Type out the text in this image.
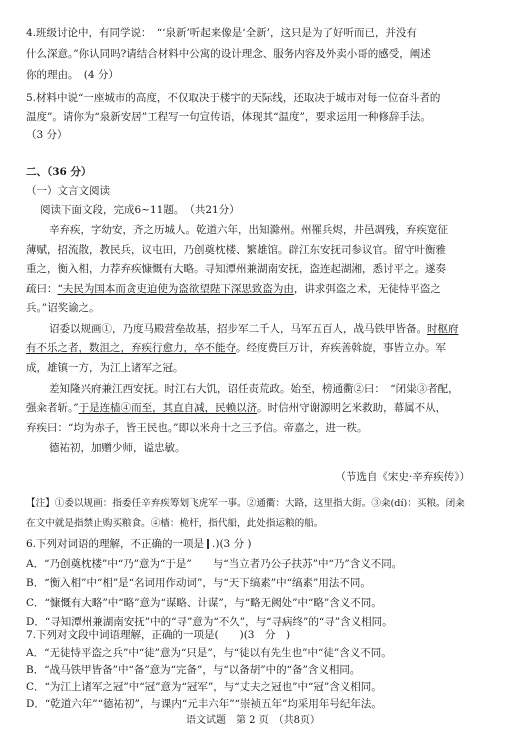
4.班级讨论中，有同学说：　“‘泉新’听起来像是‘全新’，这只是为了好听而已，并没有
什么深意。”你认同吗?请结合材料中公寓的设计理念、服务内容及外卖小哥的感受，阐述
你的理由。　(4 分）
5.材料中说“一座城市的高度，不仅取决于楼宇的天际线，还取决于城市对每一位奋斗者的
温度”。请你为“泉新安居”工程写一句宣传语，体现其“温度”，要求运用一种修辞手法。
（3 分）
二、（36 分）
（一）文言文阅读
阅读下面文段，完成6~11题。　（共21分）
辛弃疾，字幼安，齐之历城人。乾道六年，出知滁州。州罹兵烬，井邑凋残，弃疾宽征
薄赋，招流散，教民兵，议屯田，乃创奠枕楼、繁雄馆。辟江东安抚司参议官。留守叶衡雅
重之，衡入相，力荐弃疾慷慨有大略。寻知潭州兼湖南安抚，盗连起湖湘，悉讨平之。遂奏
疏曰：“夫民为国本而贪吏迫使为盗欲望陛下深思致盗为由，讲求弭盗之术，无徒恃平盗之
兵。”诏奖谕之。
诏委以规画①，乃度马殿营垒故基，招步军二千人，马军五百人，战马铁甲皆备。时枢府
有不乐之者，数沮之，弃疾行愈力，卒不能夺。经度费巨万计，弃疾善斡旋，事皆立办。军
成，雄镇一方，为江上诸军之冠。
差知隆兴府兼江西安抚。时江右大饥，诏任责荒政。始至，榜通衢②曰：　“闭粜③者配，
强籴者斩。”于是连樯④而至，其直自减，民赖以济。时信州守谢源明乞米救助，幕属不从，
弃疾曰：“均为赤子，皆王民也。”即以米舟十之三予信。帝嘉之，进一秩。
德祐初，加赠少师，谥忠敏。
（节选自《宋史·辛弃疾传》）
【注】①委以规画：指委任辛弃疾筹划飞虎军一事。②通衢：大路，这里指大街。③籴(dí)：买粮。闭籴
在文中就是指禁止购买粮食。④樯：桅杆，指代船，此处指运粮的船。
6.下列对词语的理解，不正确的一项是 .)(3 分 )
A．“乃创奠枕楼”中“乃”意为“于是”　　与“当立者乃公子扶苏”中“乃”含义不同。
B．“衡入相”中“相”是“名词用作动词”，与“天下缟素”中“缟素”用法不同。
C．“慷慨有大略”中“略”意为“谋略、计谋”，与“略无阙处”中“略”含义不同。
D．“寻知潭州兼湖南安抚”中的“寻”意为“不久”，与“寻病终”的“寻”含义相同。
7.下列对文段中词语理解，正确的一项是(　　)(3　分　)
A．“无徒恃平盗之兵”中“徒”意为“只是”，与“徒以有先生也”中“徒”含义不同。
B．“战马铁甲皆备”中“备”意为“完备”，与“以备胡”中的“备”含义相同。
C．“为江上诸军之冠”中“冠”意为“冠军”，与“丈夫之冠也”中“冠”含义相同。
D．“乾道六年”“德祐初”，与课内“元丰六年”“崇祯五年”均采用年号纪年法。
语文试题　第 2 页　（共8页）
